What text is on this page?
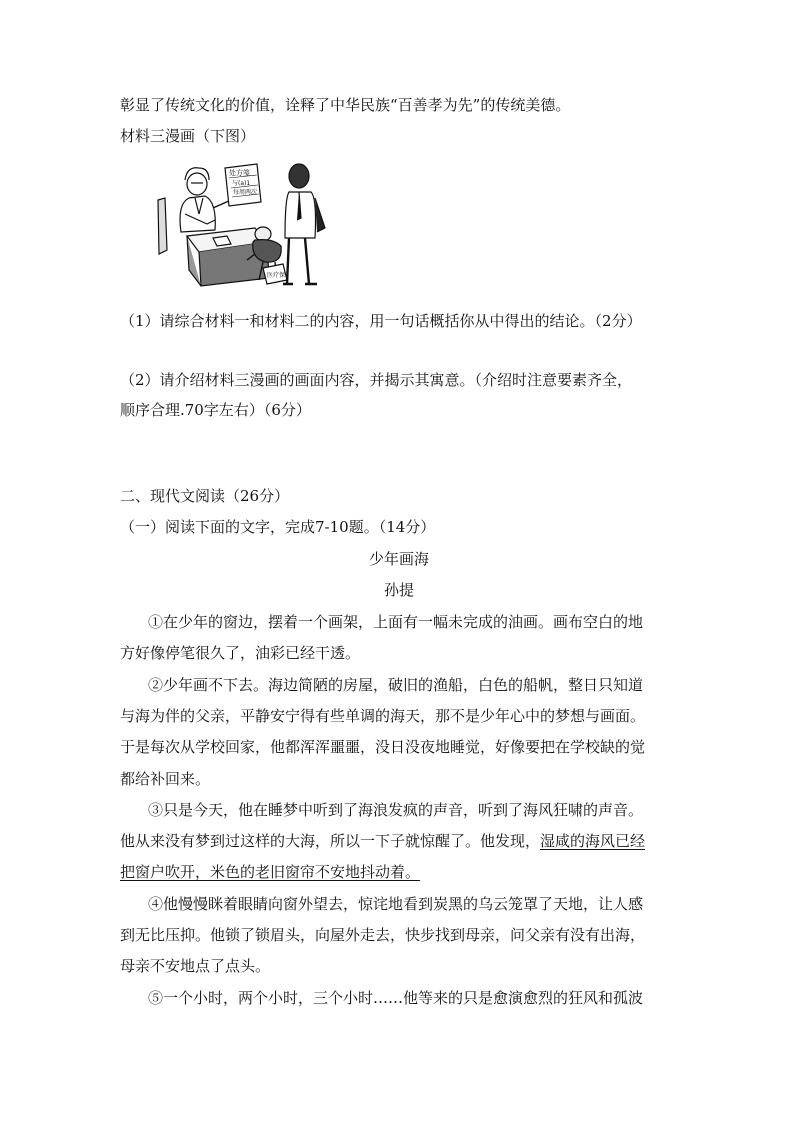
彰显了传统文化的价值，诠释了中华民族“百善孝为先”的传统美德。
材料三漫画（下图）
处方笺
与(a)1
每周两次
医疗保
（1）请综合材料一和材料二的内容，用一句话概括你从中得出的结论。（2分）
（2）请介绍材料三漫画的画面内容，并揭示其寓意。（介绍时注意要素齐全，
顺序合理.70字左右）（6分）
二、现代文阅读（26分）
（一）阅读下面的文字，完成7-10题。（14分）
少年画海
孙提
①在少年的窗边，摆着一个画架，上面有一幅未完成的油画。画布空白的地
方好像停笔很久了，油彩已经干透。
②少年画不下去。海边简陋的房屋，破旧的渔船，白色的船帆，整日只知道
与海为伴的父亲，平静安宁得有些单调的海天，那不是少年心中的梦想与画面。
于是每次从学校回家，他都浑浑噩噩，没日没夜地睡觉，好像要把在学校缺的觉
都给补回来。
③只是今天，他在睡梦中听到了海浪发疯的声音，听到了海风狂啸的声音。
他从来没有梦到过这样的大海，所以一下子就惊醒了。他发现，湿咸的海风已经
把窗户吹开，米色的老旧窗帘不安地抖动着。
④他慢慢眯着眼睛向窗外望去，惊诧地看到炭黑的乌云笼罩了天地，让人感
到无比压抑。他锁了锁眉头，向屋外走去，快步找到母亲，问父亲有没有出海，
母亲不安地点了点头。
⑤一个小时，两个小时，三个小时……他等来的只是愈演愈烈的狂风和孤波
